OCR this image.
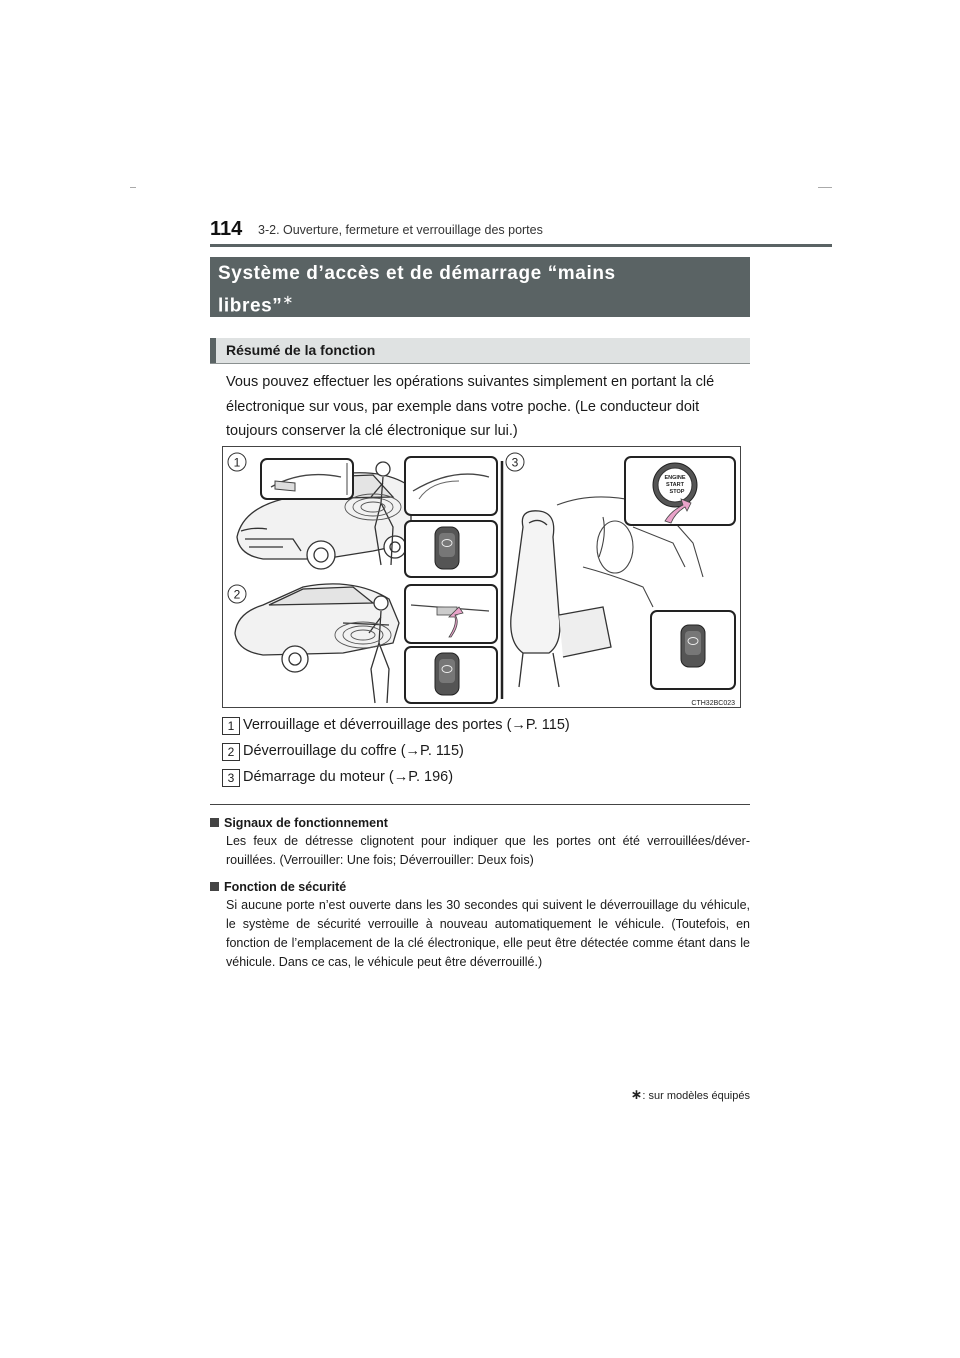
114 3-2. Ouverture, fermeture et verrouillage des portes
Système d’accès et de démarrage “mains
libres”∗
Résumé de la fonction
Vous pouvez effectuer les opérations suivantes simplement en portant la clé
électronique sur vous, par exemple dans votre poche. (Le conducteur doit
toujours conserver la clé électronique sur lui.)
ENGINE
START
STOP
1
2
3
CTH32BC023
1 Verrouillage et déverrouillage des portes (→P. 115)
2 Déverrouillage du coffre (→P. 115)
3 Démarrage du moteur (→P. 196)
Signaux de fonctionnement
Les feux de détresse clignotent pour indiquer que les portes ont été verrouillées/déver-rouillées. (Verrouiller: Une fois; Déverrouiller: Deux fois)
Fonction de sécurité
Si aucune porte n’est ouverte dans les 30 secondes qui suivent le déverrouillage du véhicule, le système de sécurité verrouille à nouveau automatiquement le véhicule. (Toutefois, en fonction de l’emplacement de la clé électronique, elle peut être détectée comme étant dans le véhicule. Dans ce cas, le véhicule peut être déverrouillé.)
∗: sur modèles équipés
